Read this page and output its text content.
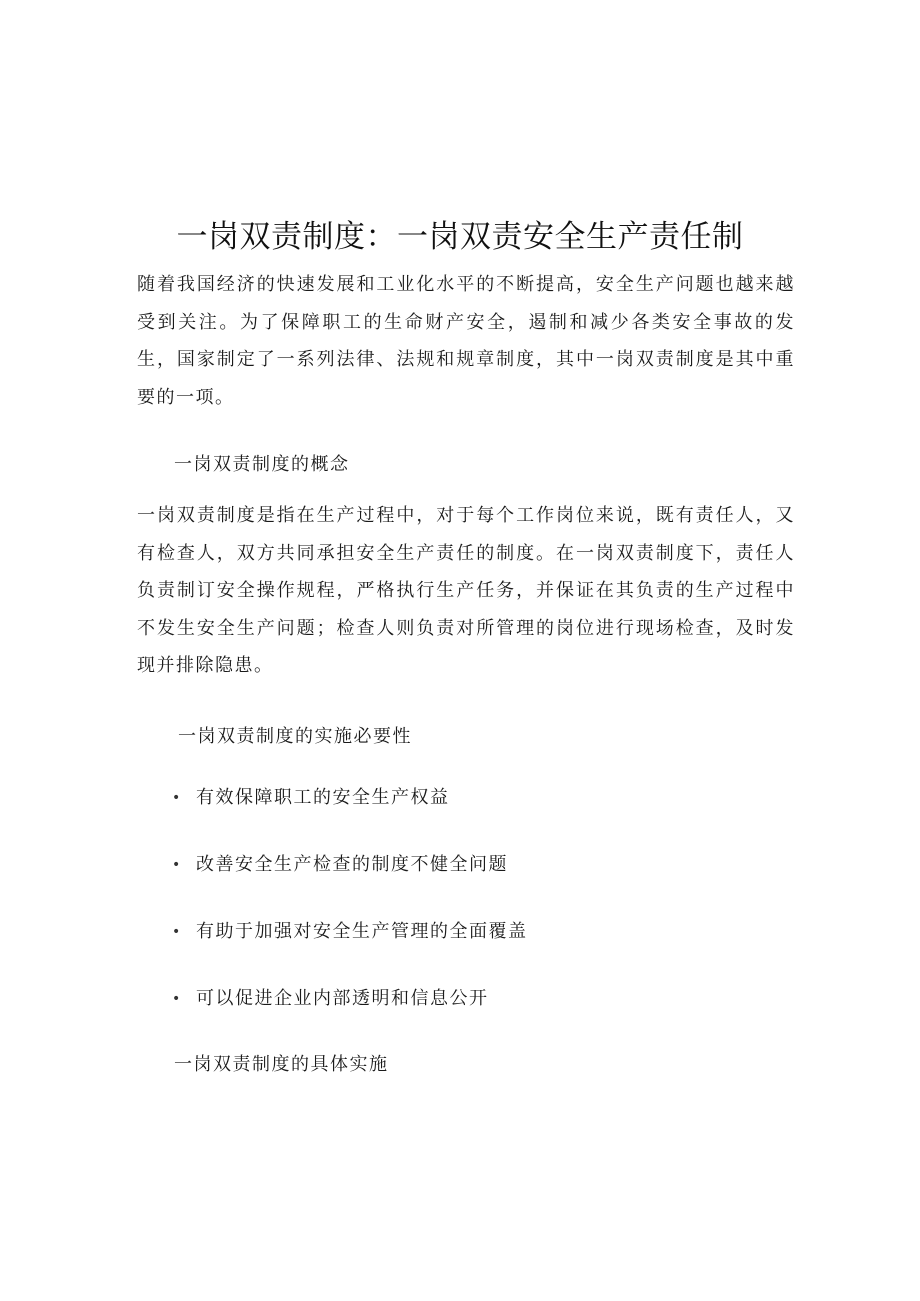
一岗双责制度：一岗双责安全生产责任制

随着我国经济的快速发展和工业化水平的不断提高，安全生产问题也越来越受到关注。为了保障职工的生命财产安全，遏制和减少各类安全事故的发生，国家制定了一系列法律、法规和规章制度，其中一岗双责制度是其中重要的一项。

一岗双责制度的概念

一岗双责制度是指在生产过程中，对于每个工作岗位来说，既有责任人，又有检查人，双方共同承担安全生产责任的制度。在一岗双责制度下，责任人负责制订安全操作规程，严格执行生产任务，并保证在其负责的生产过程中不发生安全生产问题；检查人则负责对所管理的岗位进行现场检查，及时发现并排除隐患。

一岗双责制度的实施必要性
• 有效保障职工的安全生产权益
• 改善安全生产检查的制度不健全问题
• 有助于加强对安全生产管理的全面覆盖
• 可以促进企业内部透明和信息公开
一岗双责制度的具体实施
